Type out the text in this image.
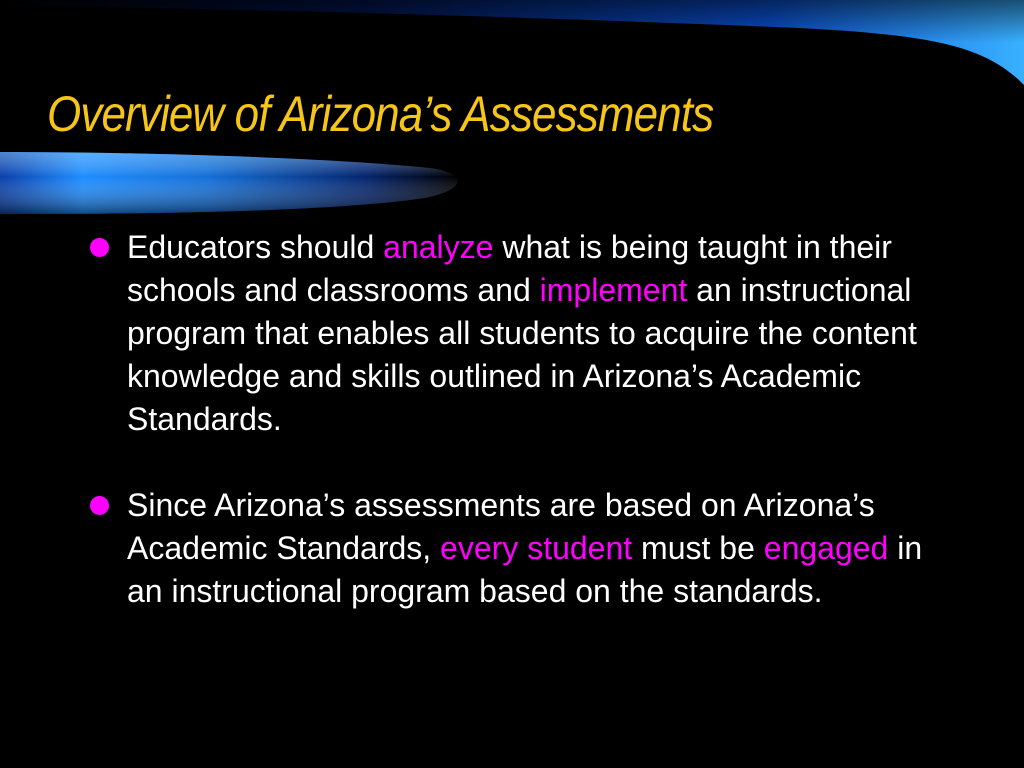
Overview of Arizona’s Assessments

Educators should analyze what is being taught in their schools and classrooms and implement an instructional program that enables all students to acquire the content knowledge and skills outlined in Arizona’s Academic Standards.

Since Arizona’s assessments are based on Arizona’s Academic Standards, every student must be engaged in an instructional program based on the standards.
